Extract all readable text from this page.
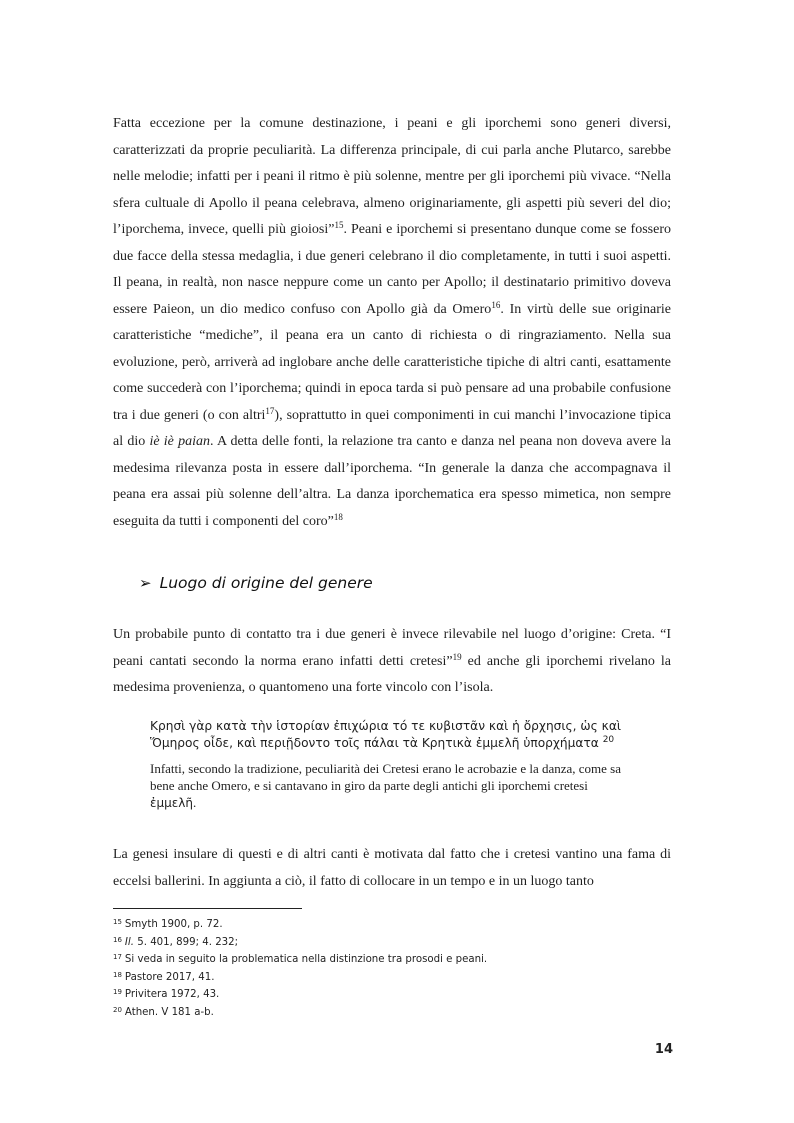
Fatta eccezione per la comune destinazione, i peani e gli iporchemi sono generi diversi, caratterizzati da proprie peculiarità. La differenza principale, di cui parla anche Plutarco, sarebbe nelle melodie; infatti per i peani il ritmo è più solenne, mentre per gli iporchemi più vivace. “Nella sfera cultuale di Apollo il peana celebrava, almeno originariamente, gli aspetti più severi del dio; l’iporchema, invece, quelli più gioiosi”$^{15}$. Peani e iporchemi si presentano dunque come se fossero due facce della stessa medaglia, i due generi celebrano il dio completamente, in tutti i suoi aspetti. Il peana, in realtà, non nasce neppure come un canto per Apollo; il destinatario primitivo doveva essere Paieon, un dio medico confuso con Apollo già da Omero$^{16}$. In virtù delle sue originarie caratteristiche “mediche”, il peana era un canto di richiesta o di ringraziamento. Nella sua evoluzione, però, arriverà ad inglobare anche delle caratteristiche tipiche di altri canti, esattamente come succederà con l’iporchema; quindi in epoca tarda si può pensare ad una probabile confusione tra i due generi (o con altri$^{17}$), soprattutto in quei componimenti in cui manchi l’invocazione tipica al dio iè iè paian. A detta delle fonti, la relazione tra canto e danza nel peana non doveva avere la medesima rilevanza posta in essere dall’iporchema. “In generale la danza che accompagnava il peana era assai più solenne dell’altra. La danza iporchematica era spesso mimetica, non sempre eseguita da tutti i componenti del coro”$^{18}$

➢ Luogo di origine del genere

Un probabile punto di contatto tra i due generi è invece rilevabile nel luogo d’origine: Creta. “I peani cantati secondo la norma erano infatti detti cretesi”$^{19}$ ed anche gli iporchemi rivelano la medesima provenienza, o quantomeno una forte vincolo con l’isola.

Κρησὶ γὰρ κατὰ τὴν ἱστορίαν ἐπιχώρια τό τε κυβιστᾶν καὶ ἡ ὄρχησις, ὡς καὶ Ὅμηρος οἶδε, καὶ περιῇδοντο τοῖς πάλαι τὰ Κρητικὰ ἐμμελῆ ὑπορχήματα $^{20}$

Infatti, secondo la tradizione, peculiarità dei Cretesi erano le acrobazie e la danza, come sa bene anche Omero, e si cantavano in giro da parte degli antichi gli iporchemi cretesi ἐμμελῆ.

La genesi insulare di questi e di altri canti è motivata dal fatto che i cretesi vantino una fama di eccelsi ballerini. In aggiunta a ciò, il fatto di collocare in un tempo e in un luogo tanto

$^{15}$ Smyth 1900, p. 72.
$^{16}$ Il. 5. 401, 899; 4. 232;
$^{17}$ Si veda in seguito la problematica nella distinzione tra prosodi e peani.
$^{18}$ Pastore 2017, 41.
$^{19}$ Privitera 1972, 43.
$^{20}$ Athen. V 181 a-b.
14
